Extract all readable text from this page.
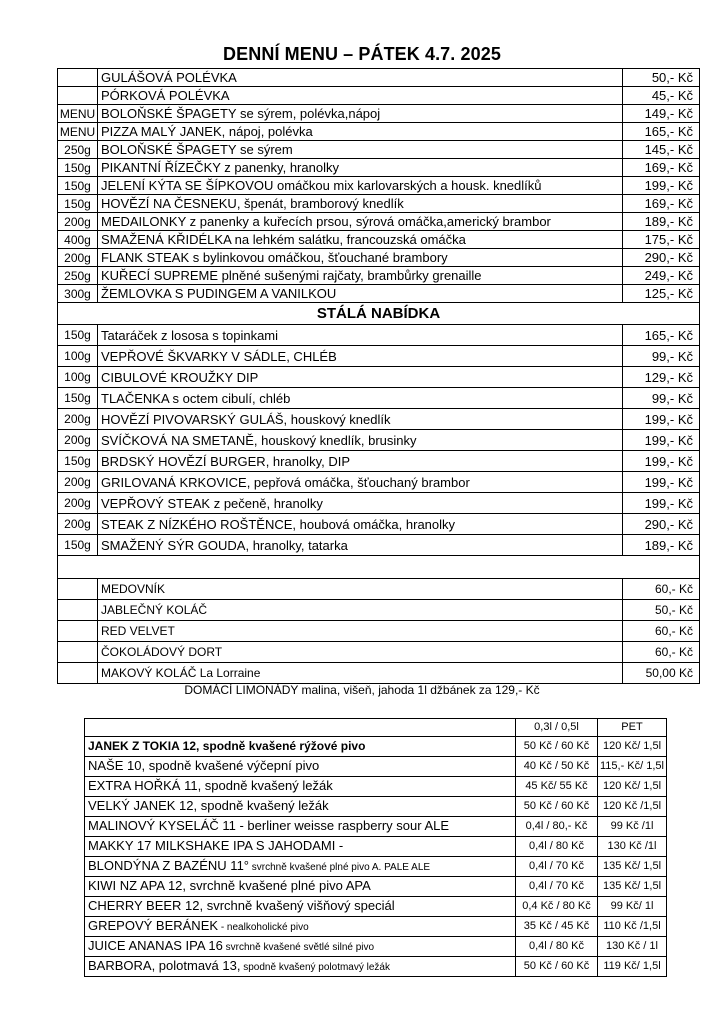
DENNÍ MENU – PÁTEK 4.7. 2025
	GULÁŠOVÁ POLÉVKA	50,- Kč
	PÓRKOVÁ POLÉVKA	45,- Kč
MENU	BOLOŇSKÉ ŠPAGETY se sýrem, polévka,nápoj	149,- Kč
MENU	PIZZA MALÝ JANEK, nápoj, polévka	165,- Kč
250g	BOLOŇSKÉ ŠPAGETY se sýrem	145,- Kč
150g	PIKANTNÍ ŘÍZEČKY z panenky, hranolky	169,- Kč
150g	JELENÍ KÝTA SE ŠÍPKOVOU omáčkou mix karlovarských a housk. knedlíků	199,- Kč
150g	HOVĚZÍ NA ČESNEKU, špenát, bramborový knedlík	169,- Kč
200g	MEDAILONKY z panenky a kuřecích prsou, sýrová omáčka,americký brambor	189,- Kč
400g	SMAŽENÁ KŘIDÉLKA na lehkém salátku, francouzská omáčka	175,- Kč
200g	FLANK STEAK s bylinkovou omáčkou, šťouchané brambory	290,- Kč
250g	KUŘECÍ SUPREME plněné sušenými rajčaty, brambůrky grenaille	249,- Kč
300g	ŽEMLOVKA S PUDINGEM A VANILKOU	125,- Kč
STÁLÁ NABÍDKA		
150g	Tataráček z lososa s topinkami	165,- Kč
100g	VEPŘOVÉ ŠKVARKY V SÁDLE, CHLÉB	99,- Kč
100g	CIBULOVÉ KROUŽKY DIP	129,- Kč
150g	TLAČENKA s octem cibulí, chléb	99,- Kč
200g	HOVĚZÍ PIVOVARSKÝ GULÁŠ, houskový knedlík	199,- Kč
200g	SVÍČKOVÁ NA SMETANĚ, houskový knedlík, brusinky	199,- Kč
150g	BRDSKÝ HOVĚZÍ BURGER, hranolky, DIP	199,- Kč
200g	GRILOVANÁ KRKOVICE, pepřová omáčka, šťouchaný brambor	199,- Kč
200g	VEPŘOVÝ STEAK z pečeně, hranolky	199,- Kč
200g	STEAK Z NÍZKÉHO ROŠTĚNCE, houbová omáčka, hranolky	290,- Kč
150g	SMAŽENÝ SÝR GOUDA, hranolky, tatarka	189,- Kč

	MEDOVNÍK	60,- Kč
	JABLEČNÝ KOLÁČ	50,- Kč
	RED VELVET	60,- Kč
	ČOKOLÁDOVÝ DORT	60,- Kč
	MAKOVÝ KOLÁČ La Lorraine	50,00 Kč
DOMÁCÍ LIMONÁDY malina, višeň, jahoda 1l džbánek za 129,- Kč
	0,3l / 0,5l	PET
JANEK Z TOKIA 12, spodně kvašené rýžové pivo	50 Kč / 60 Kč	120 Kč/ 1,5l
NAŠE 10, spodně kvašené výčepní pivo	40 Kč / 50 Kč	115,- Kč/ 1,5l
EXTRA HOŘKÁ 11, spodně kvašený ležák	45 Kč/ 55 Kč	120 Kč/ 1,5l
VELKÝ JANEK 12, spodně kvašený ležák	50 Kč / 60 Kč	120 Kč /1,5l
MALINOVÝ KYSELÁČ 11 - berliner weisse raspberry sour ALE	0,4l / 80,- Kč	99 Kč /1l
MAKKY 17 MILKSHAKE IPA S JAHODAMI -	0,4l / 80 Kč	130 Kč /1l
BLONDÝNA Z BAZÉNU 11° svrchně kvašené plné pivo A. PALE ALE	0,4l / 70 Kč	135 Kč/ 1,5l
KIWI NZ APA 12, svrchně kvašené plné pivo APA	0,4l / 70 Kč	135 Kč/ 1,5l
CHERRY BEER 12, svrchně kvašený višňový speciál	0,4 Kč / 80 Kč	99 Kč/ 1l
GREPOVÝ BERÁNEK - nealkoholické pivo	35 Kč / 45 Kč	110 Kč /1,5l
JUICE ANANAS IPA 16 svrchně kvašené světlé silné pivo	0,4l / 80 Kč	130 Kč / 1l
BARBORA, polotmavá 13, spodně kvašený polotmavý ležák	50 Kč / 60 Kč	119 Kč/ 1,5l
